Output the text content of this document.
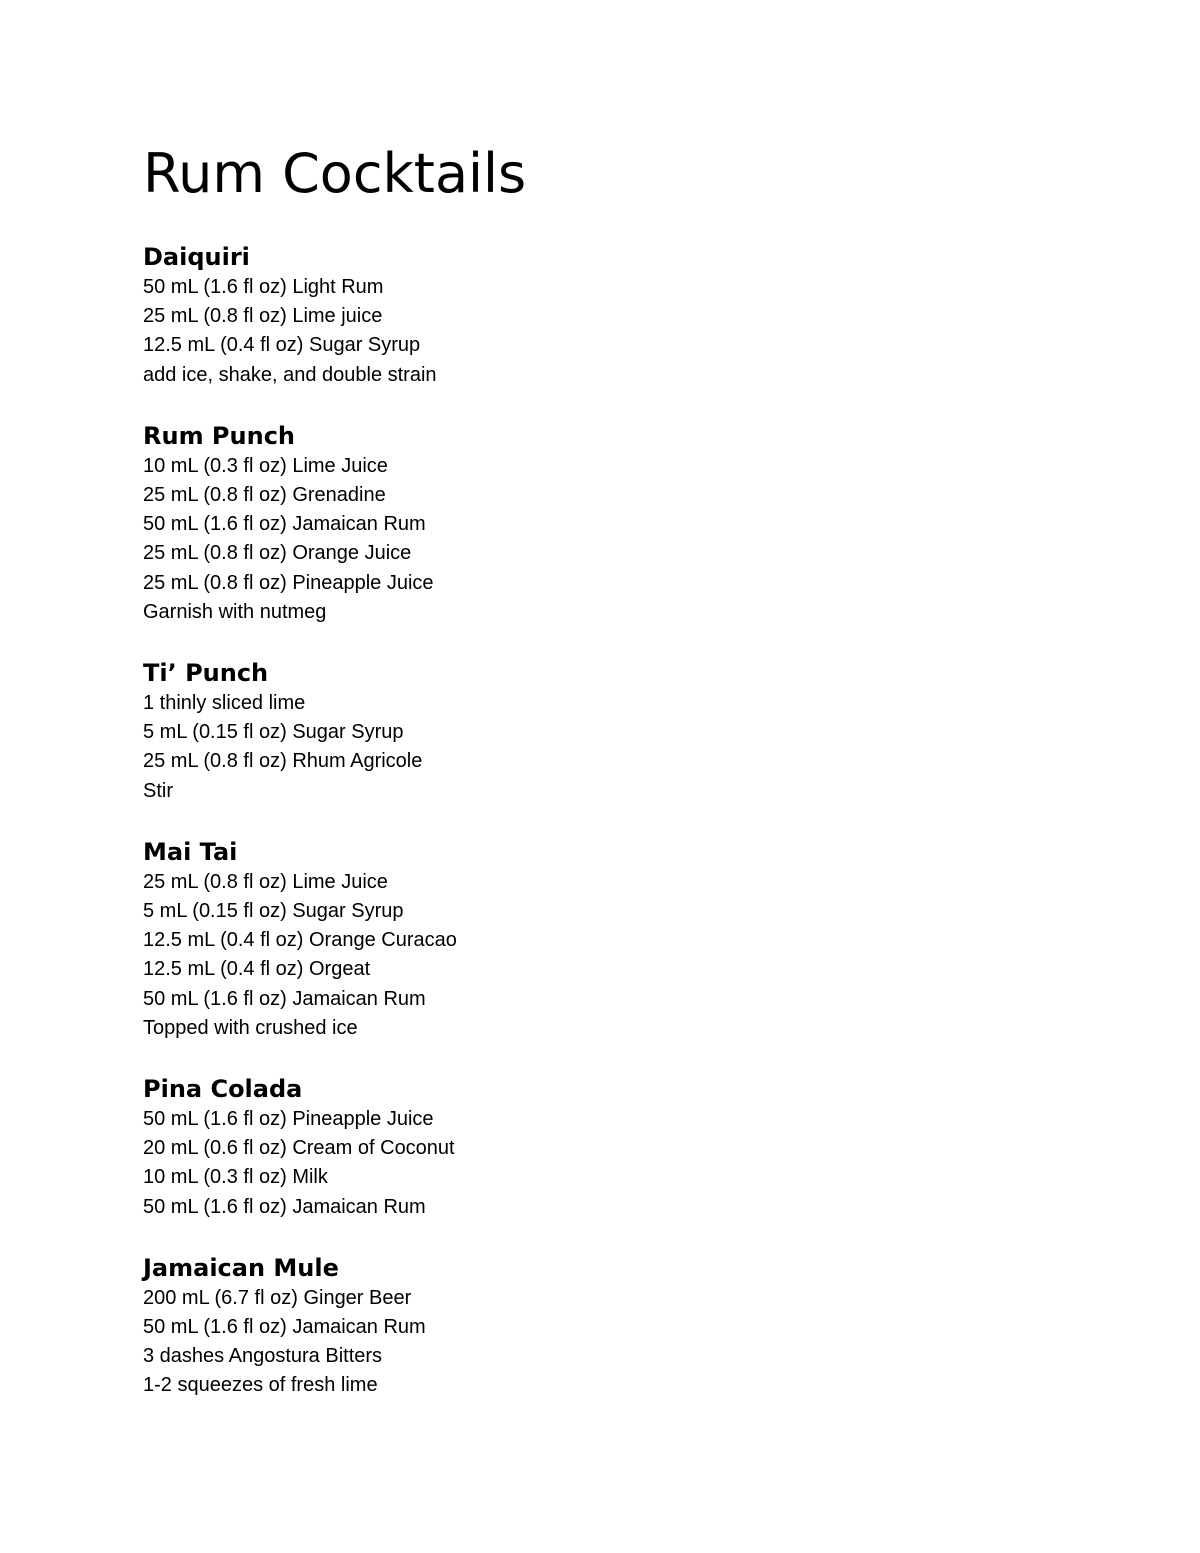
Rum Cocktails
Daiquiri
50 mL (1.6 fl oz) Light Rum
25 mL (0.8 fl oz) Lime juice
12.5 mL (0.4 fl oz) Sugar Syrup
add ice, shake, and double strain
Rum Punch
10 mL (0.3 fl oz) Lime Juice
25 mL (0.8 fl oz) Grenadine
50 mL (1.6 fl oz) Jamaican Rum
25 mL (0.8 fl oz) Orange Juice
25 mL (0.8 fl oz) Pineapple Juice
Garnish with nutmeg
Ti’ Punch
1 thinly sliced lime
5 mL (0.15 fl oz) Sugar Syrup
25 mL (0.8 fl oz) Rhum Agricole
Stir
Mai Tai
25 mL (0.8 fl oz) Lime Juice
5 mL (0.15 fl oz) Sugar Syrup
12.5 mL (0.4 fl oz) Orange Curacao
12.5 mL (0.4 fl oz) Orgeat
50 mL (1.6 fl oz) Jamaican Rum
Topped with crushed ice
Pina Colada
50 mL (1.6 fl oz) Pineapple Juice
20 mL (0.6 fl oz) Cream of Coconut
10 mL (0.3 fl oz) Milk
50 mL (1.6 fl oz) Jamaican Rum
Jamaican Mule
200 mL (6.7 fl oz) Ginger Beer
50 mL (1.6 fl oz) Jamaican Rum
3 dashes Angostura Bitters
1-2 squeezes of fresh lime
